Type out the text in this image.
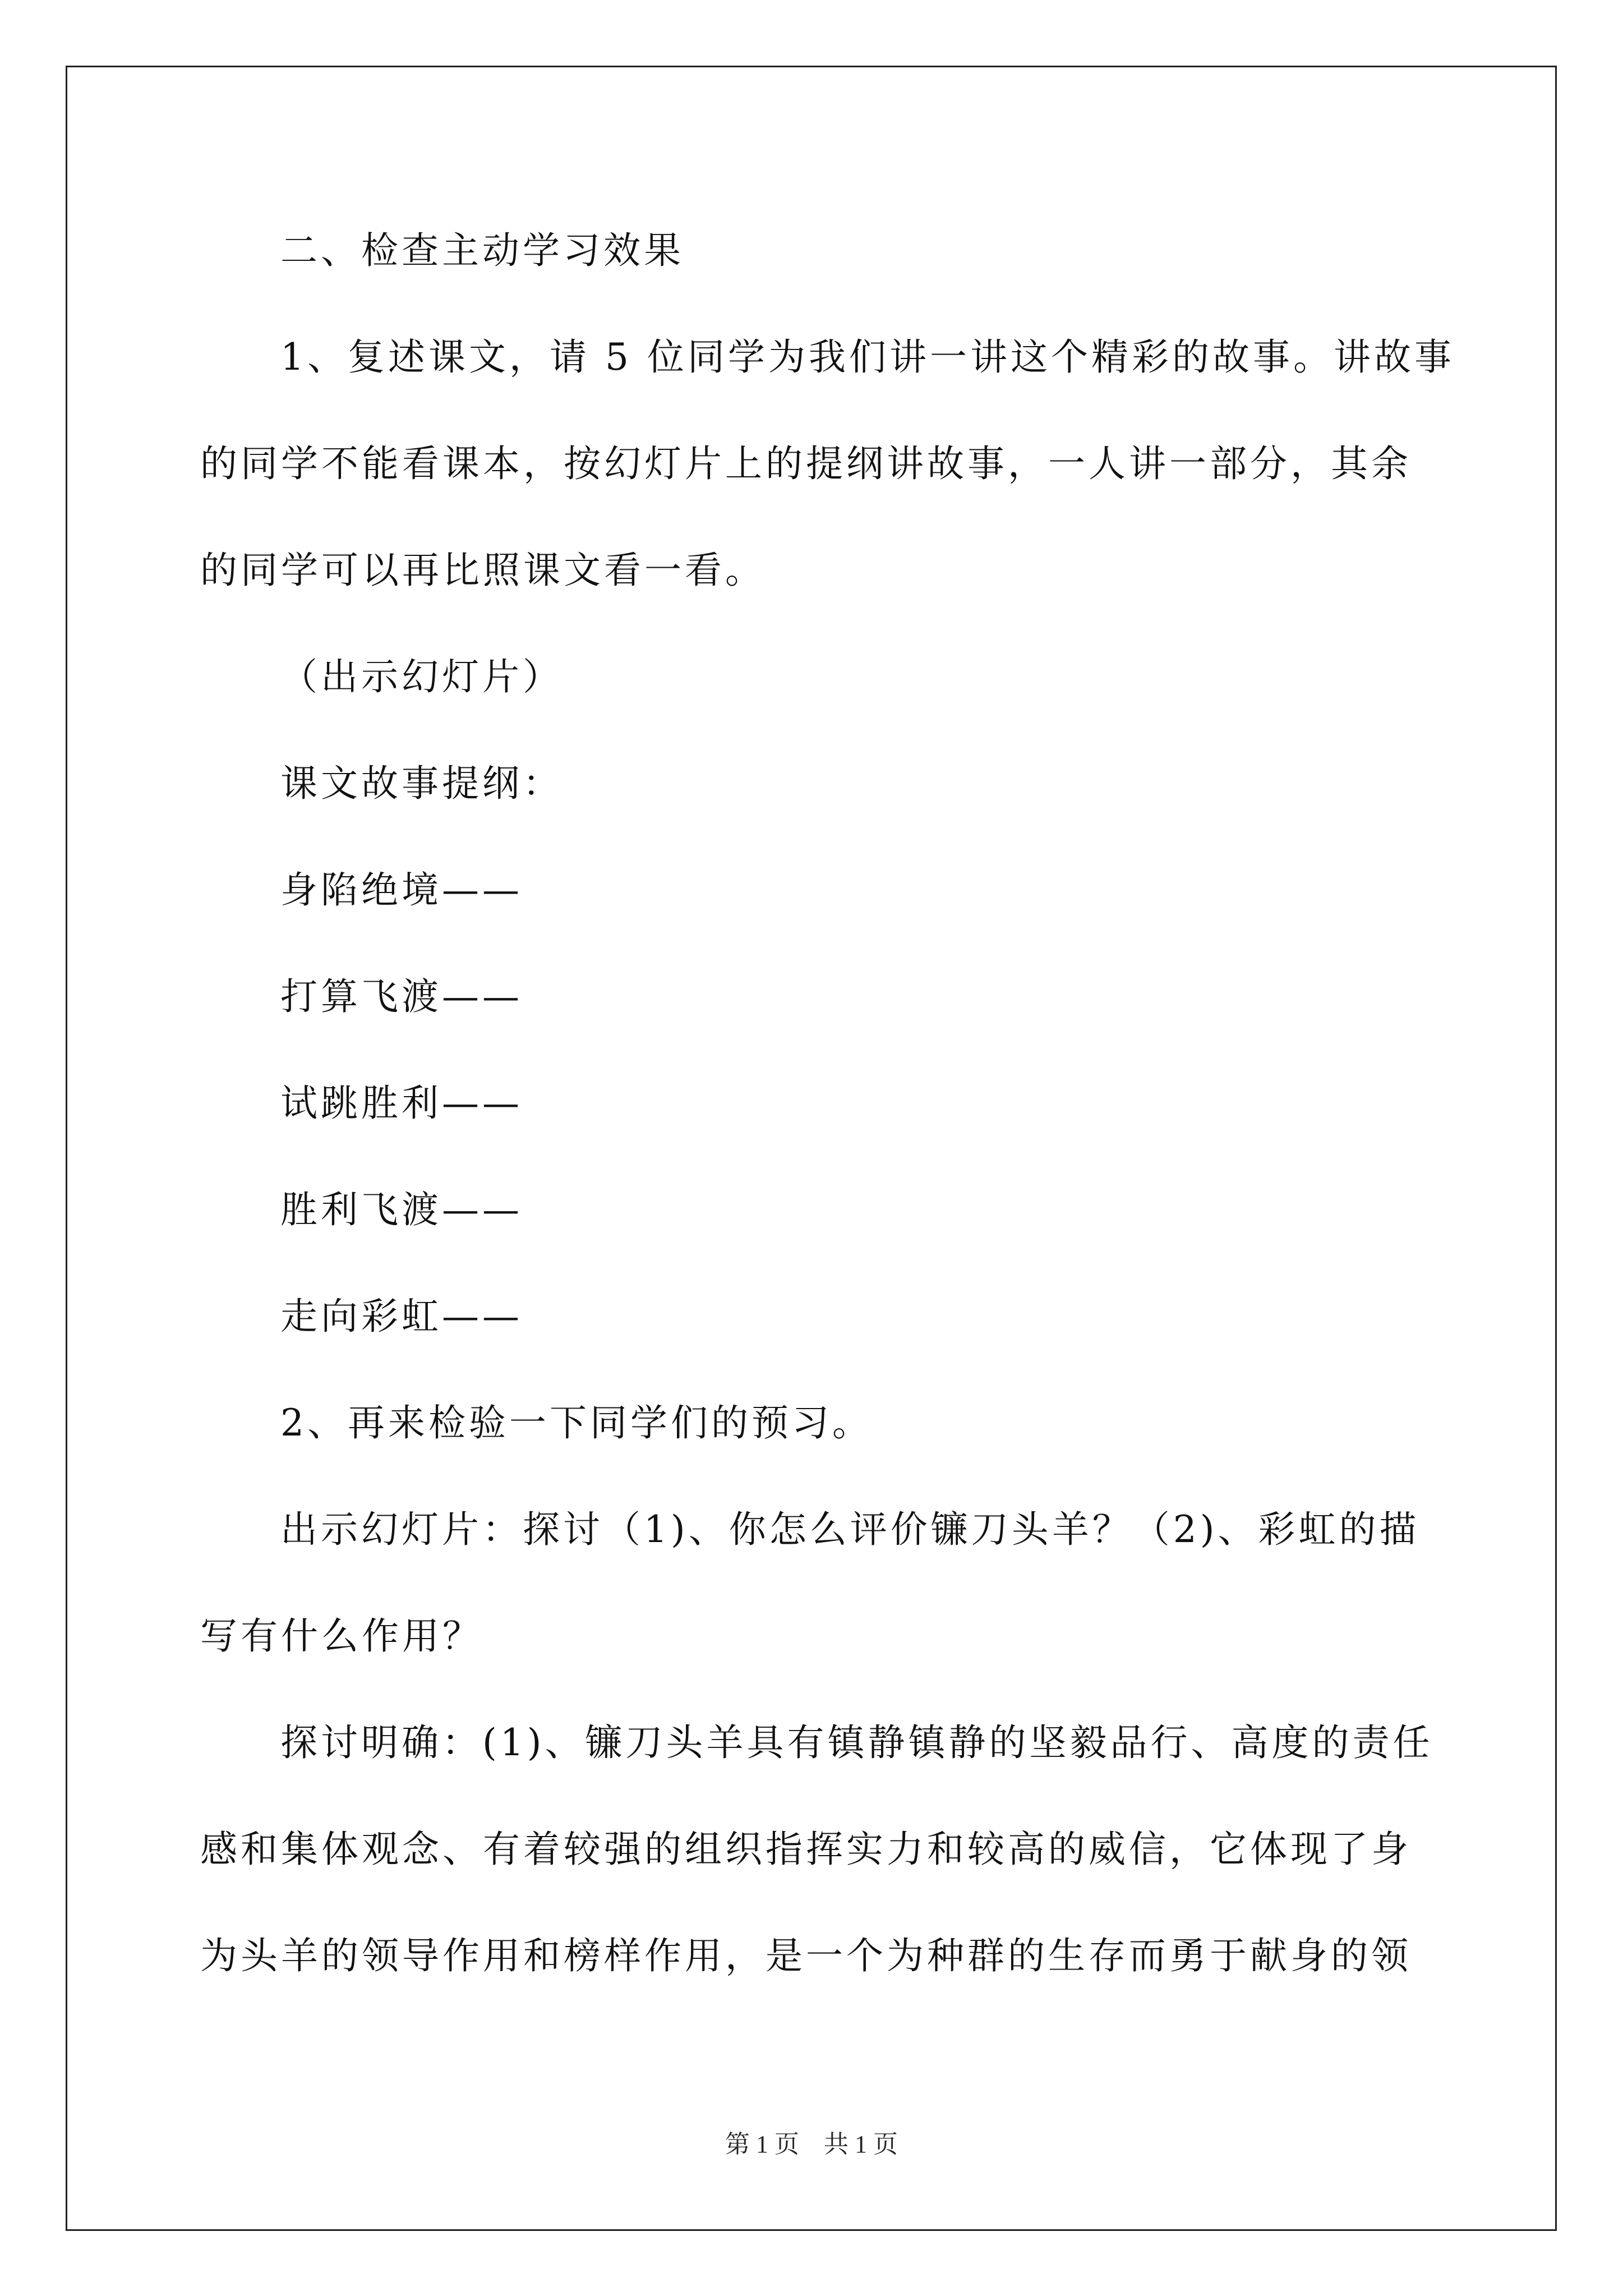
二、检查主动学习效果
1、复述课文，请 5 位同学为我们讲一讲这个精彩的故事。讲故事
的同学不能看课本，按幻灯片上的提纲讲故事，一人讲一部分，其余
的同学可以再比照课文看一看。
（出示幻灯片）
课文故事提纲：
身陷绝境——
打算飞渡——
试跳胜利——
胜利飞渡——
走向彩虹——
2、再来检验一下同学们的预习。
出示幻灯片：探讨（1)、你怎么评价镰刀头羊？（2)、彩虹的描
写有什么作用？
探讨明确：(1)、镰刀头羊具有镇静镇静的坚毅品行、高度的责任
感和集体观念、有着较强的组织指挥实力和较高的威信，它体现了身
为头羊的领导作用和榜样作用，是一个为种群的生存而勇于献身的领
第 1 页　共 1 页
